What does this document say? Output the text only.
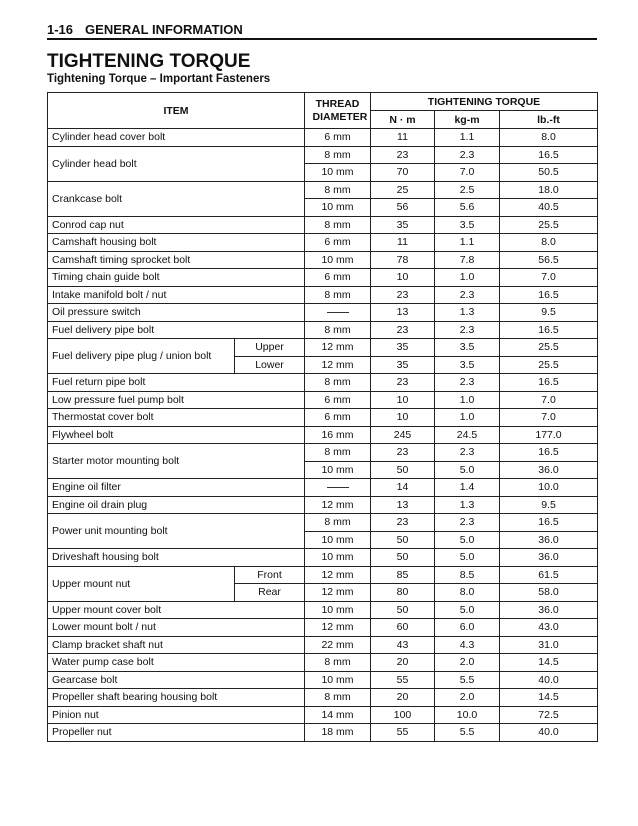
1-16 GENERAL INFORMATION
TIGHTENING TORQUE
Tightening Torque – Important Fasteners
ITEM		THREAD DIAMETER	TIGHTENING TORQUE		
			N · m	kg-m	lb.-ft
Cylinder head cover bolt		6 mm	11	1.1	8.0
Cylinder head bolt		8 mm	23	2.3	16.5
		10 mm	70	7.0	50.5
Crankcase bolt		8 mm	25	2.5	18.0
		10 mm	56	5.6	40.5
Conrod cap nut		8 mm	35	3.5	25.5
Camshaft housing bolt		6 mm	11	1.1	8.0
Camshaft timing sprocket bolt		10 mm	78	7.8	56.5
Timing chain guide bolt		6 mm	10	1.0	7.0
Intake manifold bolt / nut		8 mm	23	2.3	16.5
Oil pressure switch			13	1.3	9.5
Fuel delivery pipe bolt		8 mm	23	2.3	16.5
Fuel delivery pipe plug / union bolt	Upper	12 mm	35	3.5	25.5
	Lower	12 mm	35	3.5	25.5
Fuel return pipe bolt		8 mm	23	2.3	16.5
Low pressure fuel pump bolt		6 mm	10	1.0	7.0
Thermostat cover bolt		6 mm	10	1.0	7.0
Flywheel bolt		16 mm	245	24.5	177.0
Starter motor mounting bolt		8 mm	23	2.3	16.5
		10 mm	50	5.0	36.0
Engine oil filter			14	1.4	10.0
Engine oil drain plug		12 mm	13	1.3	9.5
Power unit mounting bolt		8 mm	23	2.3	16.5
		10 mm	50	5.0	36.0
Driveshaft housing bolt		10 mm	50	5.0	36.0
Upper mount nut	Front	12 mm	85	8.5	61.5
	Rear	12 mm	80	8.0	58.0
Upper mount cover bolt		10 mm	50	5.0	36.0
Lower mount bolt / nut		12 mm	60	6.0	43.0
Clamp bracket shaft nut		22 mm	43	4.3	31.0
Water pump case bolt		8 mm	20	2.0	14.5
Gearcase bolt		10 mm	55	5.5	40.0
Propeller shaft bearing housing bolt		8 mm	20	2.0	14.5
Pinion nut		14 mm	100	10.0	72.5
Propeller nut		18 mm	55	5.5	40.0
